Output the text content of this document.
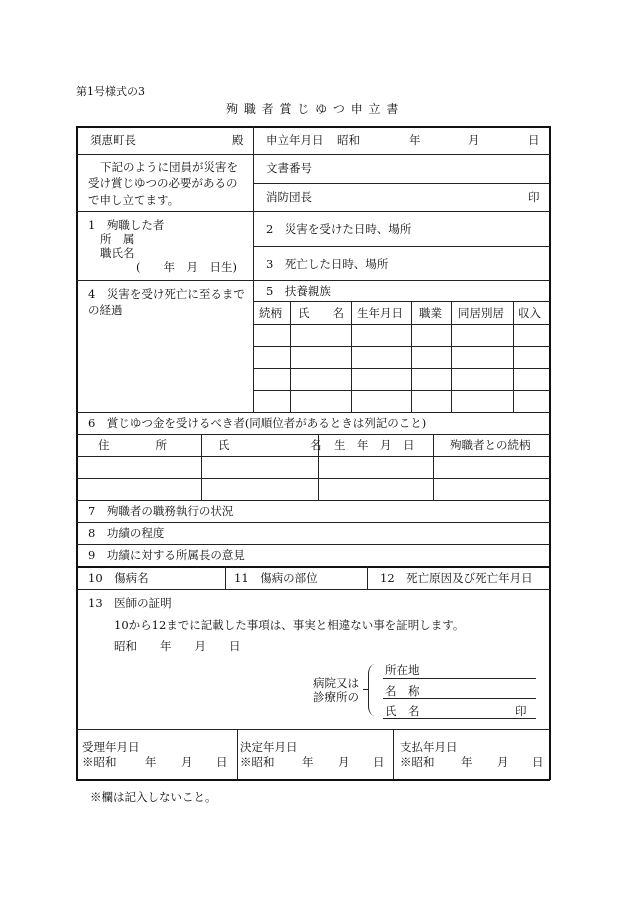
第1号様式の3
殉 職 者 賞 じ ゆ つ 申 立 書
須恵町長	殿 申立年月日 昭和	年	月	日
下記のように団員が災害を受け賞じゆつの必要があるので申し立てます。
文書番号
消防団長	印
1　殉職した者
所　属
職氏名
(　　年　月　日生)
2　災害を受けた日時、場所
3　死亡した日時、場所
4　災害を受け死亡に至るまでの経過
5　扶養親族
続柄 氏　　名 生年月日 職業 同居別居 収入
6　賞じゆつ金を受けるべき者(同順位者があるときは列記のこと)
住　　　　所	氏　　　　　　　名 生　年　月　日	殉職者との続柄
7　殉職者の職務執行の状況
8　功績の程度
9　功績に対する所属長の意見
10　傷病名	11　傷病の部位	12　死亡原因及び死亡年月日
13　医師の証明
10から12までに記載した事項は、事実と相違ない事を証明します。
昭和　　年　　月　　日
病院又は
診療所の
所在地
名　称
氏　名	印
受理年月日
※昭和 年 月 日
決定年月日
※昭和 年 月 日
支払年月日
※昭和 年 月 日
※欄は記入しないこと。
